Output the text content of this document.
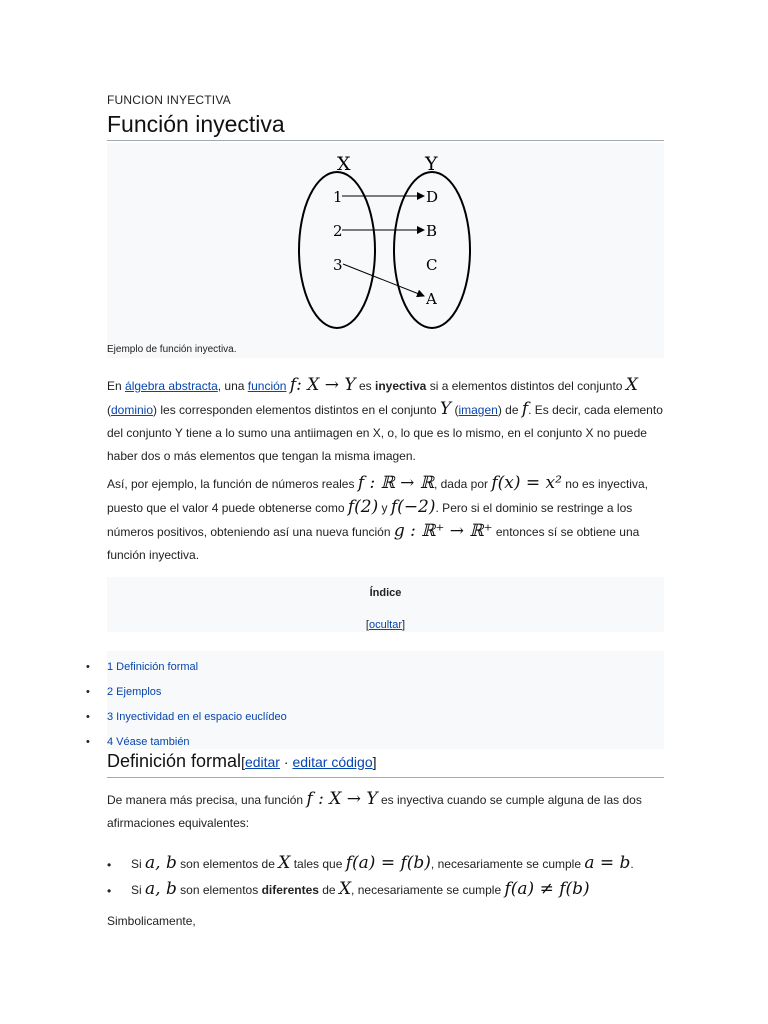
FUNCION INYECTIVA
Función inyectiva
X	Y
1
2
3
D
B
C
A
Ejemplo de función inyectiva.
En álgebra abstracta, una función f: X → Y es inyectiva si a elementos distintos del conjunto X (dominio) les corresponden elementos distintos en el conjunto Y (imagen) de f. Es decir, cada elemento del conjunto Y tiene a lo sumo una antiimagen en X, o, lo que es lo mismo, en el conjunto X no puede haber dos o más elementos que tengan la misma imagen.
Así, por ejemplo, la función de números reales f : ℝ → ℝ, dada por f(x) = x² no es inyectiva, puesto que el valor 4 puede obtenerse como f(2) y f(−2). Pero si el dominio se restringe a los números positivos, obteniendo así una nueva función g : ℝ⁺ → ℝ⁺ entonces sí se obtiene una función inyectiva.
Índice
[ocultar]
• 1 Definición formal
• 2 Ejemplos
• 3 Inyectividad en el espacio euclídeo
• 4 Véase también
Definición formal[editar · editar código]
De manera más precisa, una función f : X → Y es inyectiva cuando se cumple alguna de las dos afirmaciones equivalentes:
• Si a, b son elementos de X tales que f(a) = f(b), necesariamente se cumple a = b.
• Si a, b son elementos diferentes de X, necesariamente se cumple f(a) ≠ f(b)
Simbolicamente,
